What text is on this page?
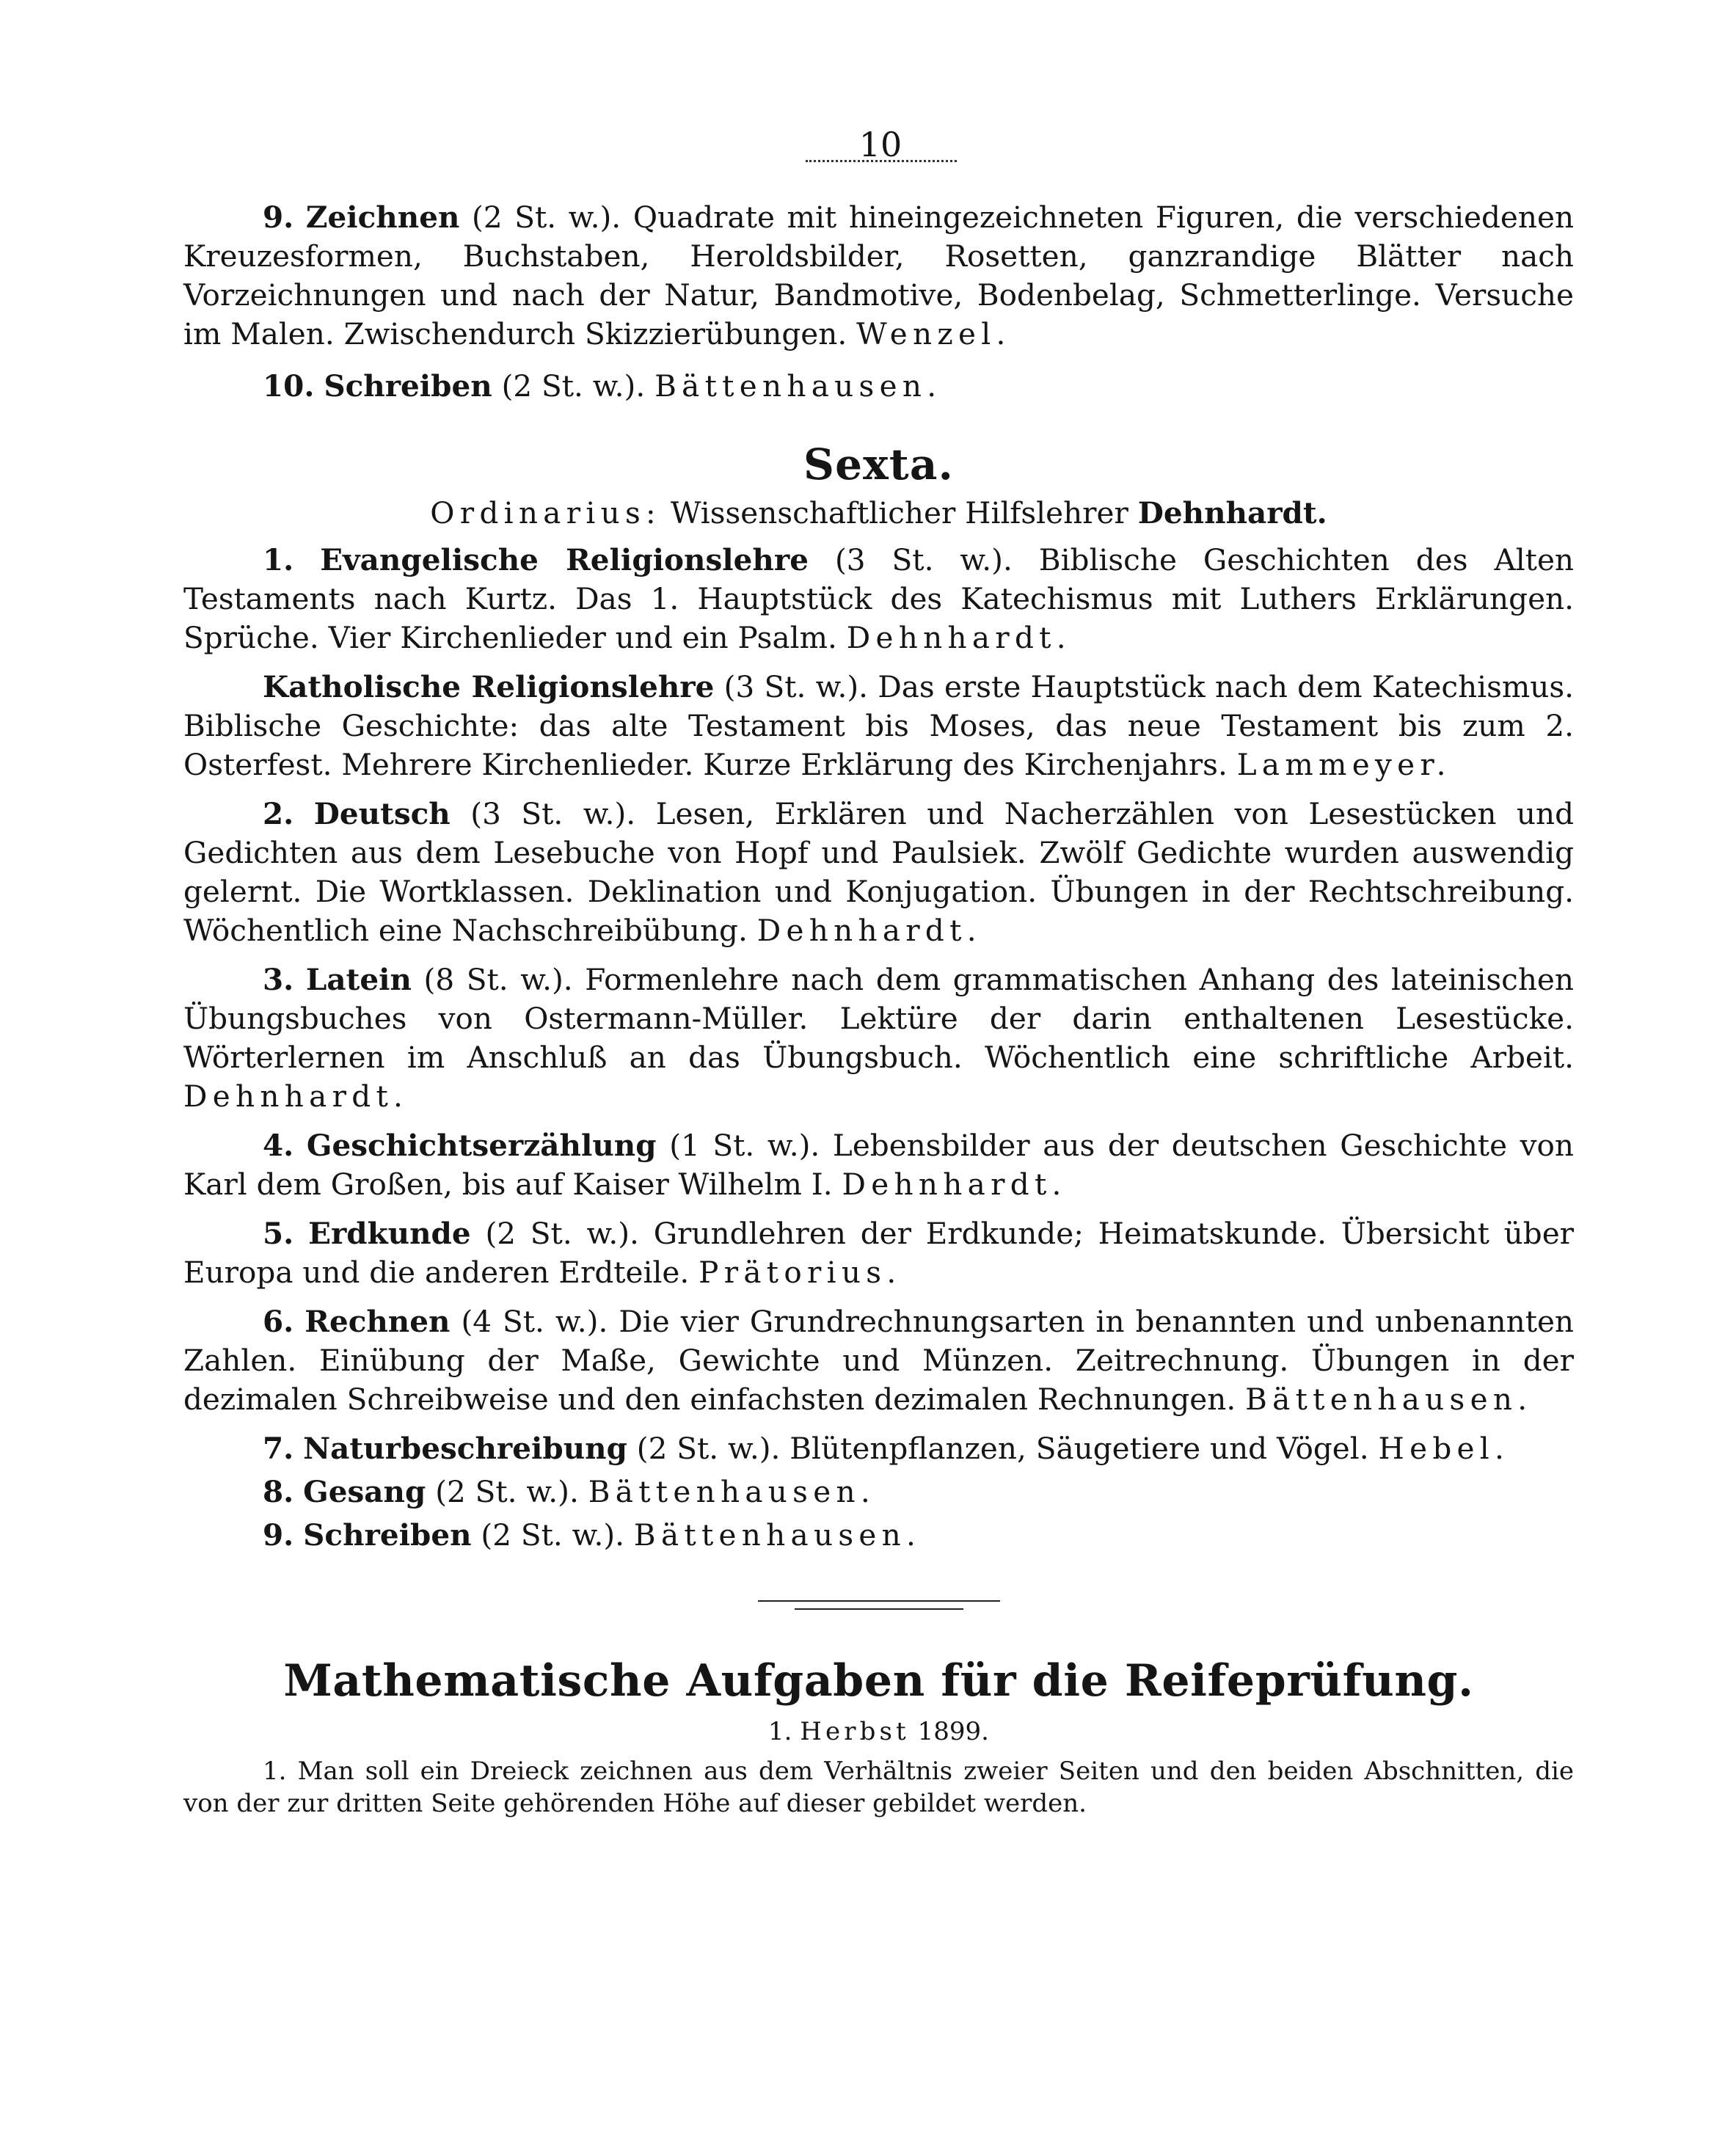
10

9. Zeichnen (2 St. w.). Quadrate mit hineingezeichneten Figuren, die verschiedenen Kreuzesformen, Buchstaben, Heroldsbilder, Rosetten, ganzrandige Blätter nach Vorzeichnungen und nach der Natur, Bandmotive, Bodenbelag, Schmetterlinge. Versuche im Malen. Zwischendurch Skizzierübungen. Wenzel.

10. Schreiben (2 St. w.). Bättenhausen.

Sexta.
Ordinarius: Wissenschaftlicher Hilfslehrer Dehnhardt.

1. Evangelische Religionslehre (3 St. w.). Biblische Geschichten des Alten Testaments nach Kurtz. Das 1. Hauptstück des Katechismus mit Luthers Erklärungen. Sprüche. Vier Kirchenlieder und ein Psalm. Dehnhardt.

Katholische Religionslehre (3 St. w.). Das erste Hauptstück nach dem Katechismus. Biblische Geschichte: das alte Testament bis Moses, das neue Testament bis zum 2. Osterfest. Mehrere Kirchenlieder. Kurze Erklärung des Kirchenjahrs. Lammeyer.

2. Deutsch (3 St. w.). Lesen, Erklären und Nacherzählen von Lesestücken und Gedichten aus dem Lesebuche von Hopf und Paulsiek. Zwölf Gedichte wurden auswendig gelernt. Die Wortklassen. Deklination und Konjugation. Übungen in der Rechtschreibung. Wöchentlich eine Nachschreibübung. Dehnhardt.

3. Latein (8 St. w.). Formenlehre nach dem grammatischen Anhang des lateinischen Übungsbuches von Ostermann-Müller. Lektüre der darin enthaltenen Lesestücke. Wörterlernen im Anschluß an das Übungsbuch. Wöchentlich eine schriftliche Arbeit. Dehnhardt.

4. Geschichtserzählung (1 St. w.). Lebensbilder aus der deutschen Geschichte von Karl dem Großen, bis auf Kaiser Wilhelm I. Dehnhardt.

5. Erdkunde (2 St. w.). Grundlehren der Erdkunde; Heimatskunde. Übersicht über Europa und die anderen Erdteile. Prätorius.

6. Rechnen (4 St. w.). Die vier Grundrechnungsarten in benannten und unbenannten Zahlen. Einübung der Maße, Gewichte und Münzen. Zeitrechnung. Übungen in der dezimalen Schreibweise und den einfachsten dezimalen Rechnungen. Bättenhausen.

7. Naturbeschreibung (2 St. w.). Blütenpflanzen, Säugetiere und Vögel. Hebel.

8. Gesang (2 St. w.). Bättenhausen.

9. Schreiben (2 St. w.). Bättenhausen.

Mathematische Aufgaben für die Reifeprüfung.
1. Herbst 1899.

1. Man soll ein Dreieck zeichnen aus dem Verhältnis zweier Seiten und den beiden Abschnitten, die von der zur dritten Seite gehörenden Höhe auf dieser gebildet werden.
